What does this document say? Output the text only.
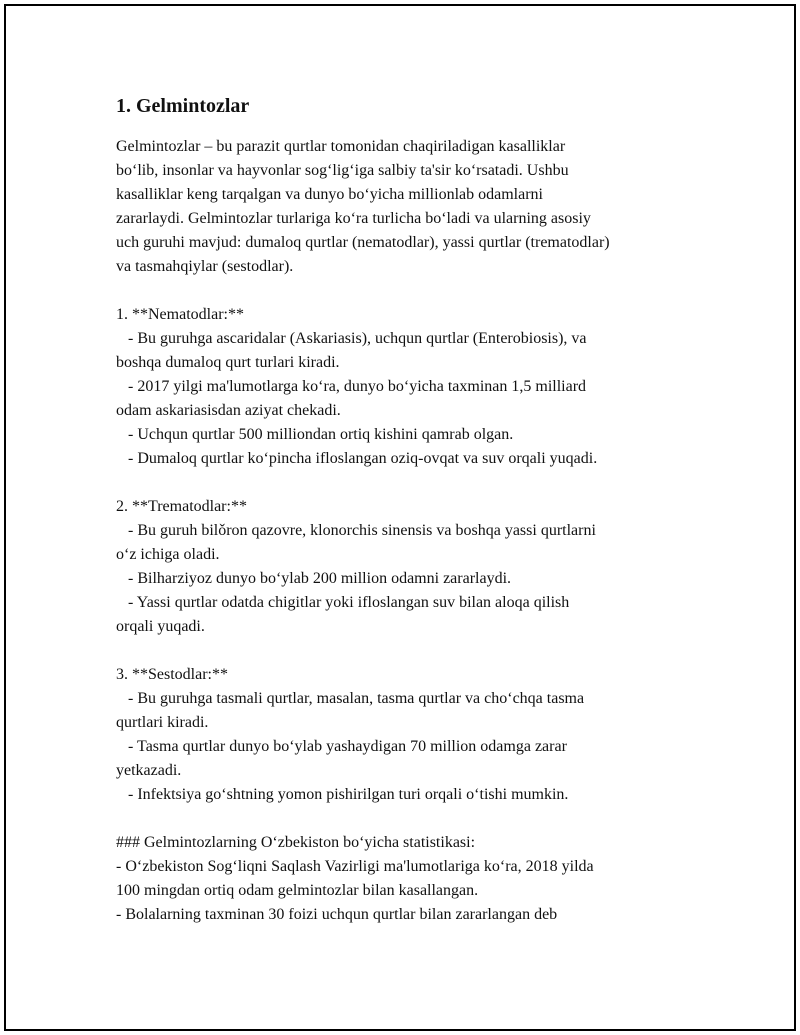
1. Gelmintozlar
Gelmintozlar – bu parazit qurtlar tomonidan chaqiriladigan kasalliklar
bo‘lib, insonlar va hayvonlar sog‘lig‘iga salbiy ta'sir ko‘rsatadi. Ushbu
kasalliklar keng tarqalgan va dunyo bo‘yicha millionlab odamlarni
zararlaydi. Gelmintozlar turlariga ko‘ra turlicha bo‘ladi va ularning asosiy
uch guruhi mavjud: dumaloq qurtlar (nematodlar), yassi qurtlar (trematodlar)
va tasmahqiylar (sestodlar).
1. **Nematodlar:**
- Bu guruhga ascaridalar (Askariasis), uchqun qurtlar (Enterobiosis), va
boshqa dumaloq qurt turlari kiradi.
- 2017 yilgi ma'lumotlarga ko‘ra, dunyo bo‘yicha taxminan 1,5 milliard
odam askariasisdan aziyat chekadi.
- Uchqun qurtlar 500 milliondan ortiq kishini qamrab olgan.
- Dumaloq qurtlar ko‘pincha ifloslangan oziq-ovqat va suv orqali yuqadi.
2. **Trematodlar:**
- Bu guruh bilǒron qazovre, klonorchis sinensis va boshqa yassi qurtlarni
o‘z ichiga oladi.
- Bilharziyoz dunyo bo‘ylab 200 million odamni zararlaydi.
- Yassi qurtlar odatda chigitlar yoki ifloslangan suv bilan aloqa qilish
orqali yuqadi.
3. **Sestodlar:**
- Bu guruhga tasmali qurtlar, masalan, tasma qurtlar va cho‘chqa tasma
qurtlari kiradi.
- Tasma qurtlar dunyo bo‘ylab yashaydigan 70 million odamga zarar
yetkazadi.
- Infektsiya go‘shtning yomon pishirilgan turi orqali o‘tishi mumkin.
### Gelmintozlarning O‘zbekiston bo‘yicha statistikasi:
- O‘zbekiston Sog‘liqni Saqlash Vazirligi ma'lumotlariga ko‘ra, 2018 yilda
100 mingdan ortiq odam gelmintozlar bilan kasallangan.
- Bolalarning taxminan 30 foizi uchqun qurtlar bilan zararlangan deb
